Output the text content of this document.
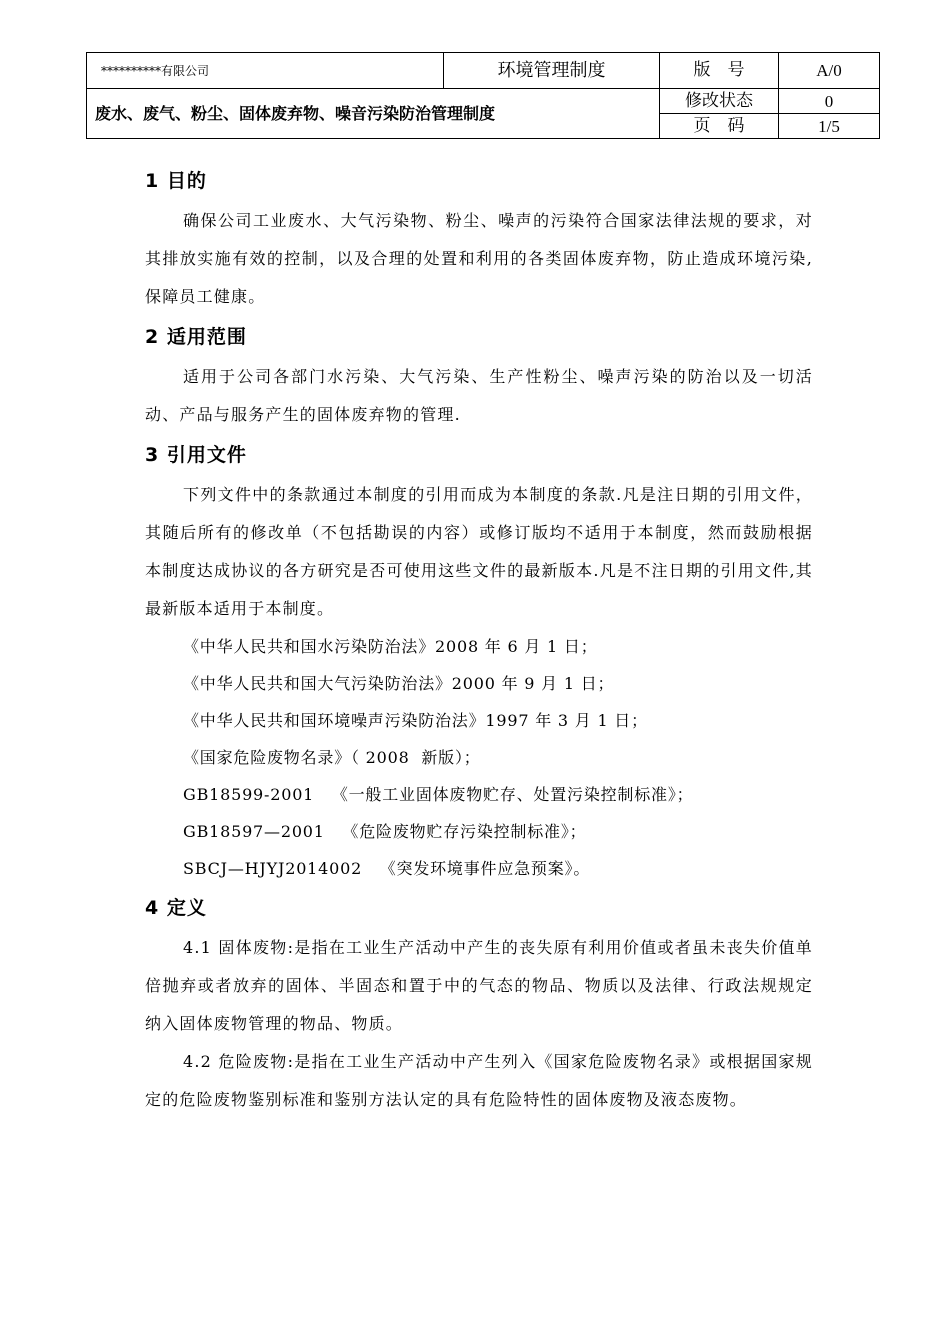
**********有限公司	环境管理制度	版　号	A/0
废水、废气、粉尘、固体废弃物、噪音污染防治管理制度		修改状态	0
		页　码	1/5
1 目的

确保公司工业废水、大气污染物、粉尘、噪声的污染符合国家法律法规的要求，对其排放实施有效的控制，以及合理的处置和利用的各类固体废弃物，防止造成环境污染,保障员工健康。

2 适用范围

适用于公司各部门水污染、大气污染、生产性粉尘、噪声污染的防治以及一切活动、产品与服务产生的固体废弃物的管理.

3 引用文件

下列文件中的条款通过本制度的引用而成为本制度的条款.凡是注日期的引用文件，其随后所有的修改单（不包括勘误的内容）或修订版均不适用于本制度，然而鼓励根据本制度达成协议的各方研究是否可使用这些文件的最新版本.凡是不注日期的引用文件,其最新版本适用于本制度。

《中华人民共和国水污染防治法》2008 年 6 月 1 日；

《中华人民共和国大气污染防治法》2000 年 9 月 1 日；

《中华人民共和国环境噪声污染防治法》1997 年 3 月 1 日；

《国家危险废物名录》（ 2008  新版）；

GB18599-2001   《一般工业固体废物贮存、处置污染控制标准》；

GB18597—2001   《危险废物贮存污染控制标准》；

SBCJ—HJYJ2014002   《突发环境事件应急预案》。

4 定义

4.1 固体废物:是指在工业生产活动中产生的丧失原有利用价值或者虽未丧失价值单倍抛弃或者放弃的固体、半固态和置于中的气态的物品、物质以及法律、行政法规规定纳入固体废物管理的物品、物质。

4.2 危险废物:是指在工业生产活动中产生列入《国家危险废物名录》或根据国家规定的危险废物鉴别标准和鉴别方法认定的具有危险特性的固体废物及液态废物。
